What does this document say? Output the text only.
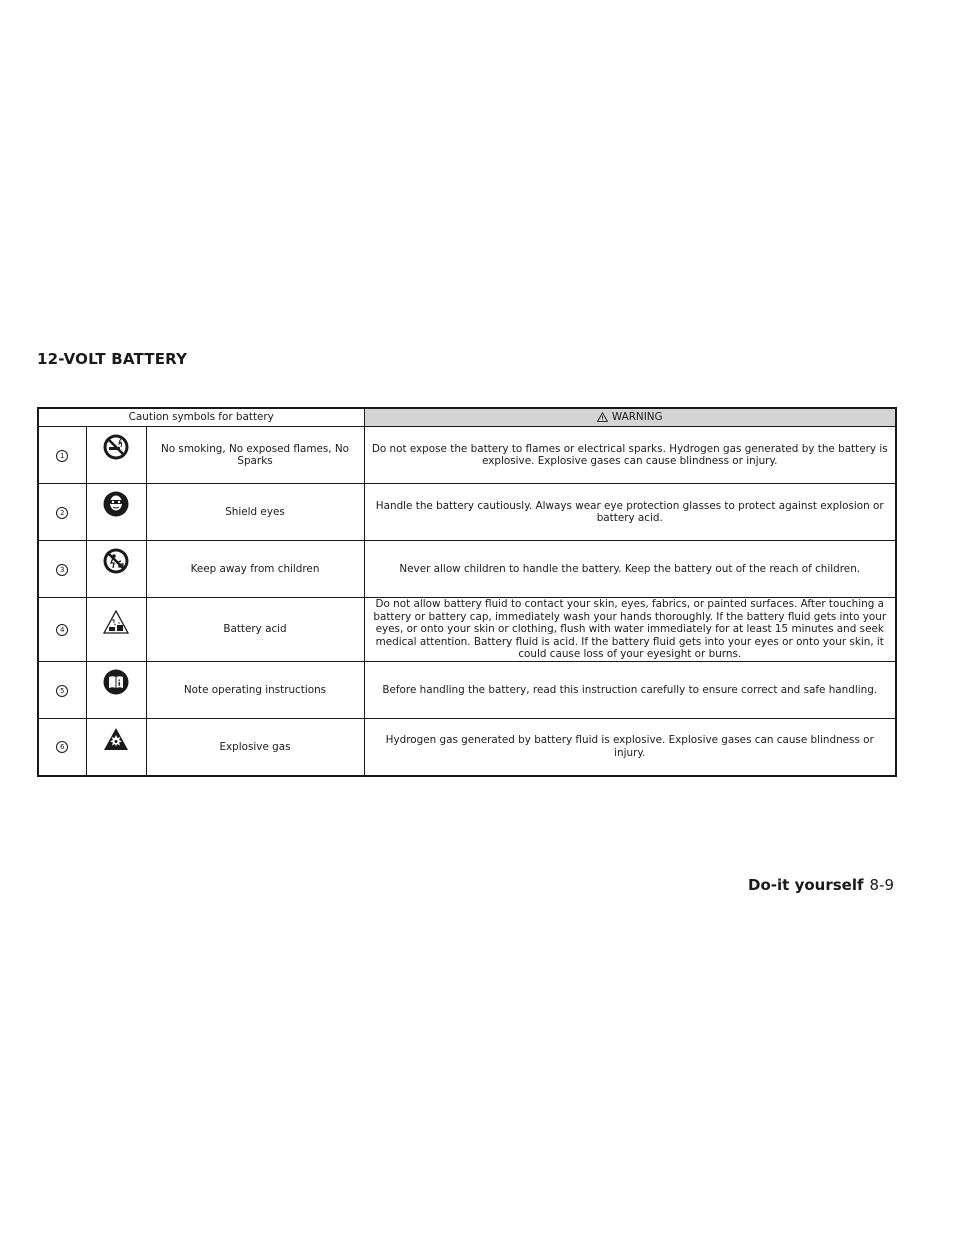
12-VOLT BATTERY
Caution symbols for battery			WARNING
1		No smoking, No exposed flames, No Sparks	Do not expose the battery to flames or electrical sparks. Hydrogen gas generated by the battery is explosive. Explosive gases can cause blindness or injury.
2		Shield eyes	Handle the battery cautiously. Always wear eye protection glasses to protect against explosion or battery acid.
3		Keep away from children	Never allow children to handle the battery. Keep the battery out of the reach of children.
4		Battery acid	Do not allow battery fluid to contact your skin, eyes, fabrics, or painted surfaces. After touching a battery or battery cap, immediately wash your hands thoroughly. If the battery fluid gets into your eyes, or onto your skin or clothing, flush with water immediately for at least 15 minutes and seek medical attention. Battery fluid is acid. If the battery fluid gets into your eyes or onto your skin, it could cause loss of your eyesight or burns.
5		Note operating instructions	Before handling the battery, read this instruction carefully to ensure correct and safe handling.
6		Explosive gas	Hydrogen gas generated by battery fluid is explosive. Explosive gases can cause blindness or injury.
Do-it yourself 8-9
